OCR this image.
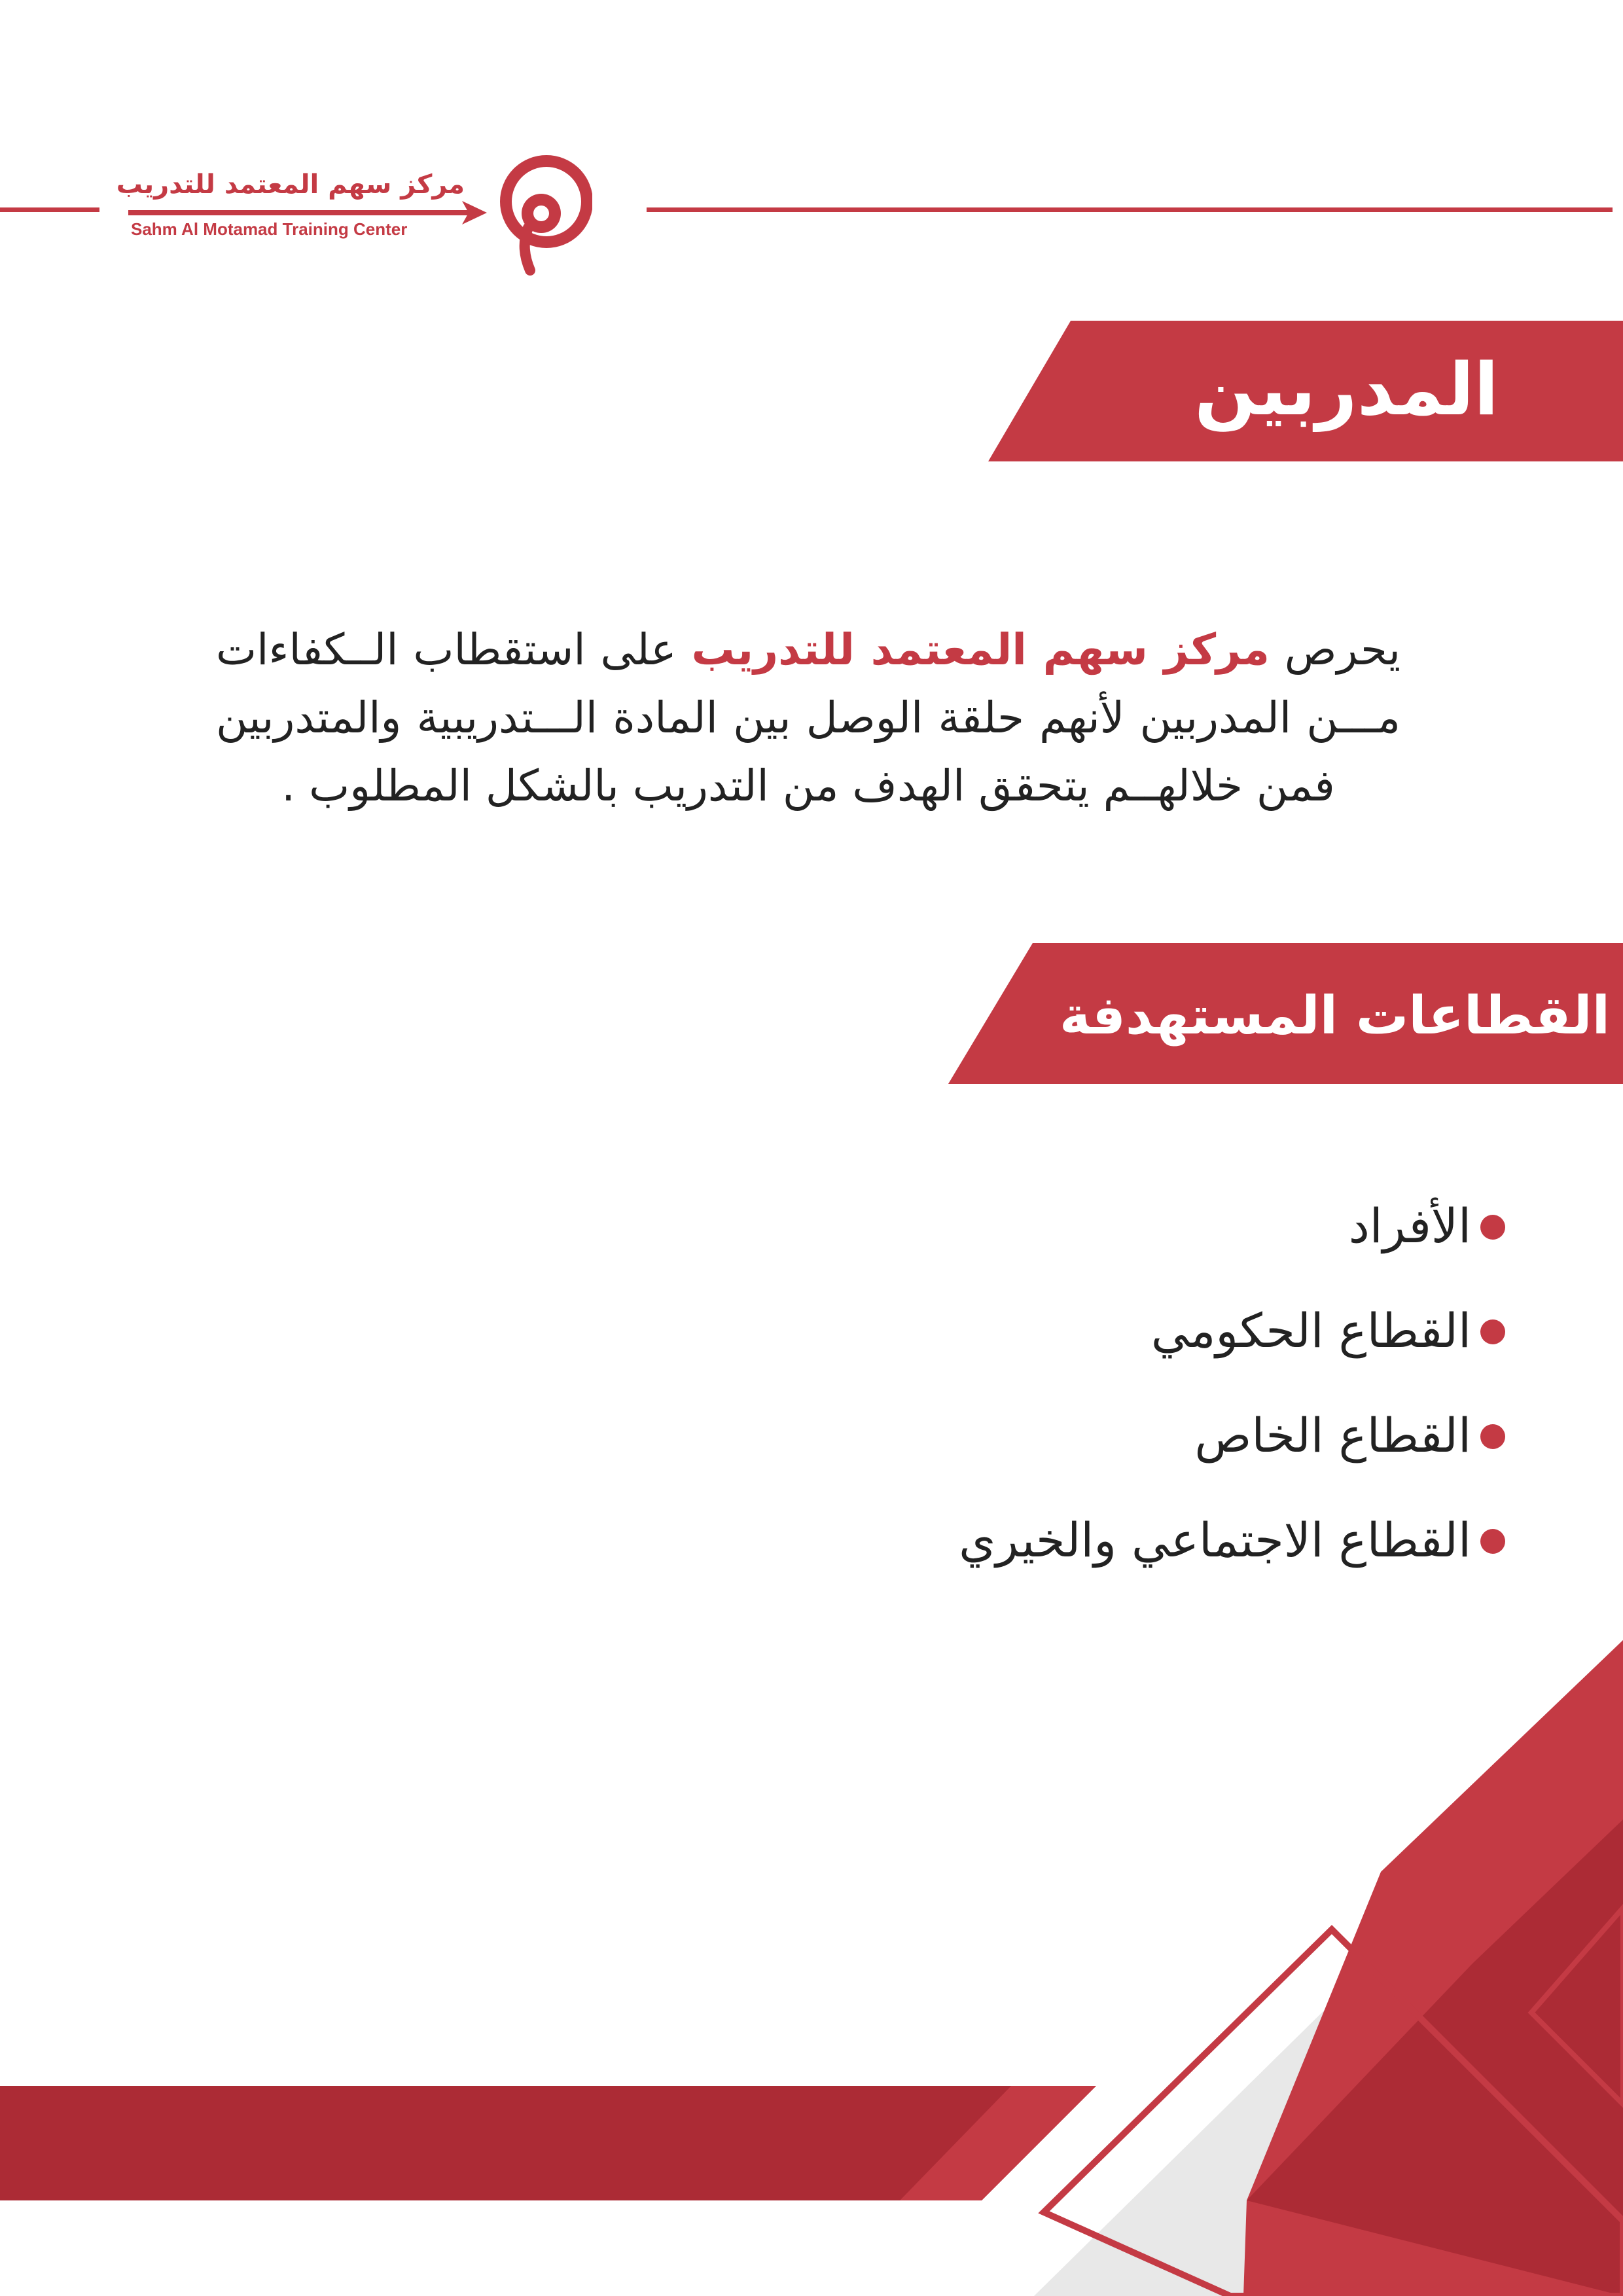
مركز سهم المعتمد للتدريب
Sahm Al Motamad Training Center
المدربين

يحرص مركز سهم المعتمد للتدريب على استقطاب الــكفاءات مـــن المدربين لأنهم حلقة الوصل بين المادة الـــتدريبية والمتدربين فمن خلالهــم يتحقق الهدف من التدريب بالشكل المطلوب .

القطاعات المستهدفة
الأفراد
القطاع الحكومي
القطاع الخاص
القطاع الاجتماعي والخيري
